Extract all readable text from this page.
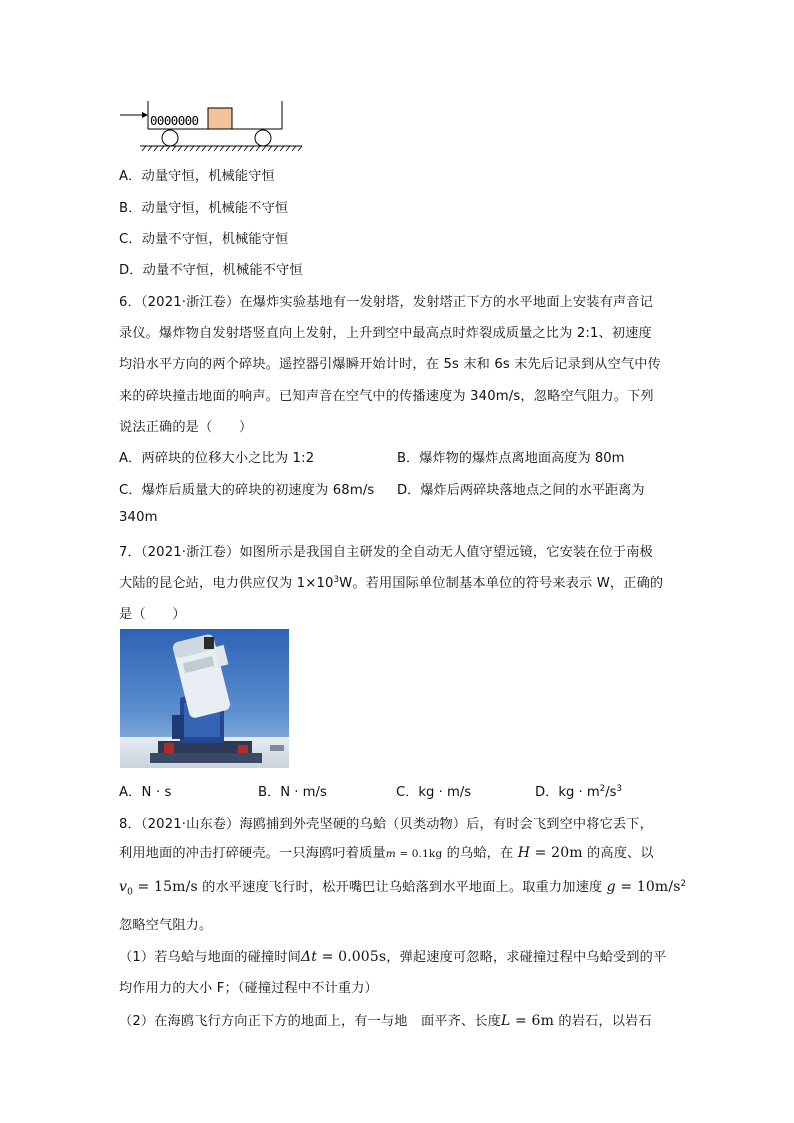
0000000
A．动量守恒，机械能守恒
B．动量守恒，机械能不守恒
C．动量不守恒，机械能守恒
D．动量不守恒，机械能不守恒
6．（2021·浙江卷）在爆炸实验基地有一发射塔，发射塔正下方的水平地面上安装有声音记
录仪。爆炸物自发射塔竖直向上发射，上升到空中最高点时炸裂成质量之比为 2:1、初速度
均沿水平方向的两个碎块。遥控器引爆瞬开始计时，在 5s 末和 6s 末先后记录到从空气中传
来的碎块撞击地面的响声。已知声音在空气中的传播速度为 340m/s，忽略空气阻力。下列
说法正确的是（　　）
A．两碎块的位移大小之比为 1:2	B．爆炸物的爆炸点离地面高度为 80m
C．爆炸后质量大的碎块的初速度为 68m/s D．爆炸后两碎块落地点之间的水平距离为
340m
7．（2021·浙江卷）如图所示是我国自主研发的全自动无人值守望远镜，它安装在位于南极
大陆的昆仑站，电力供应仅为 $1\times 10^3W$。若用国际单位制基本单位的符号来表示 W，正确的
是（　　）
A．N · s	B．N · m/s	C．kg · m/s	D．kg · $m^2/s^3$
8．（2021·山东卷）海鸥捕到外壳坚硬的乌蛤（贝类动物）后，有时会飞到空中将它丢下，
利用地面的冲击打碎硬壳。一只海鸥叼着质量m = 0.1kg 的乌蛤，在 H = 20m 的高度、以
$v_0 = 15m/s$ 的水平速度飞行时，松开嘴巴让乌蛤落到水平地面上。取重力加速度 $g = 10m/s^2$
忽略空气阻力。
（1）若乌蛤与地面的碰撞时间Δt = 0.005s，弹起速度可忽略，求碰撞过程中乌蛤受到的平
均作用力的大小 F；（碰撞过程中不计重力）
（2）在海鸥飞行方向正下方的地面上，有一与地　面平齐、长度L = 6m 的岩石，以岩石
